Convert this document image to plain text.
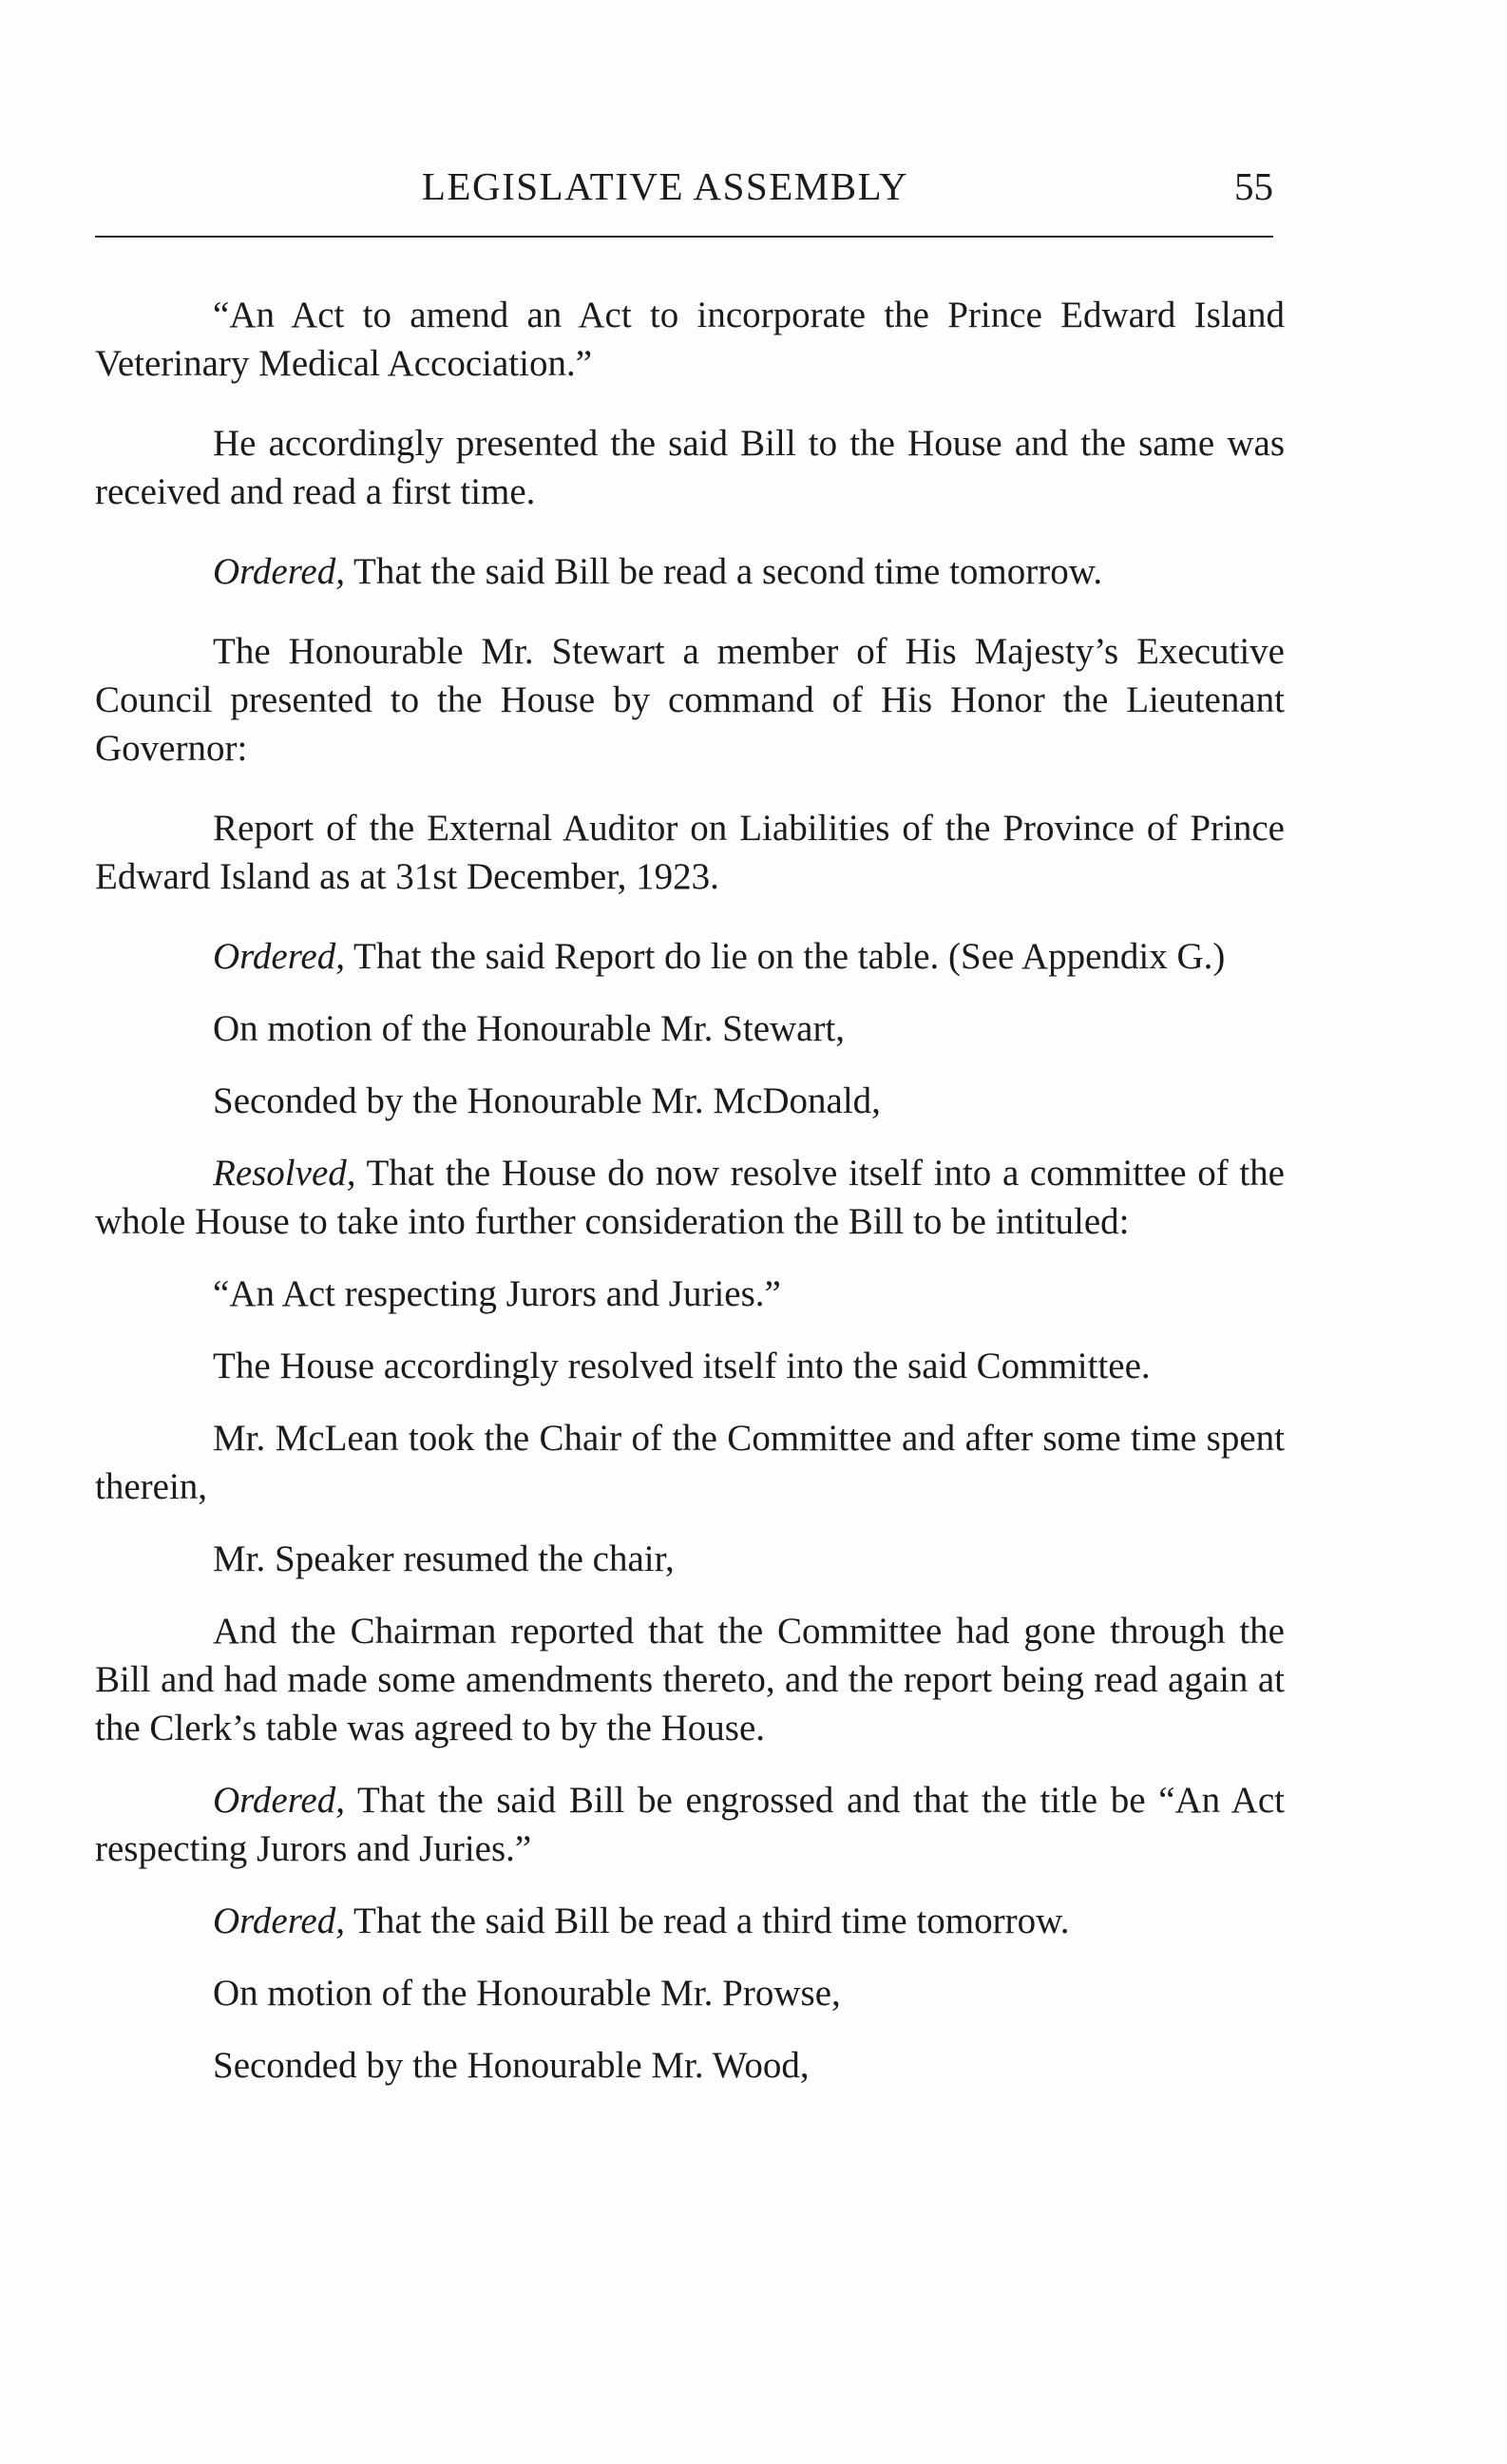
LEGISLATIVE ASSEMBLY	55

“An Act to amend an Act to incorporate the Prince Edward Island Veterinary Medical Accociation.”

He accordingly presented the said Bill to the House and the same was received and read a first time.

Ordered, That the said Bill be read a second time tomorrow.

The Honourable Mr. Stewart a member of His Majesty’s Executive Council presented to the House by command of His Honor the Lieutenant Governor:

Report of the External Auditor on Liabilities of the Province of Prince Edward Island as at 31st December, 1923.

Ordered, That the said Report do lie on the table. (See Appendix G.)

On motion of the Honourable Mr. Stewart,

Seconded by the Honourable Mr. McDonald,

Resolved, That the House do now resolve itself into a committee of the whole House to take into further consideration the Bill to be intituled:

“An Act respecting Jurors and Juries.”

The House accordingly resolved itself into the said Committee.

Mr. McLean took the Chair of the Committee and after some time spent therein,

Mr. Speaker resumed the chair,

And the Chairman reported that the Committee had gone through the Bill and had made some amendments thereto, and the report being read again at the Clerk’s table was agreed to by the House.

Ordered, That the said Bill be engrossed and that the title be “An Act respecting Jurors and Juries.”

Ordered, That the said Bill be read a third time tomorrow.

On motion of the Honourable Mr. Prowse,

Seconded by the Honourable Mr. Wood,
